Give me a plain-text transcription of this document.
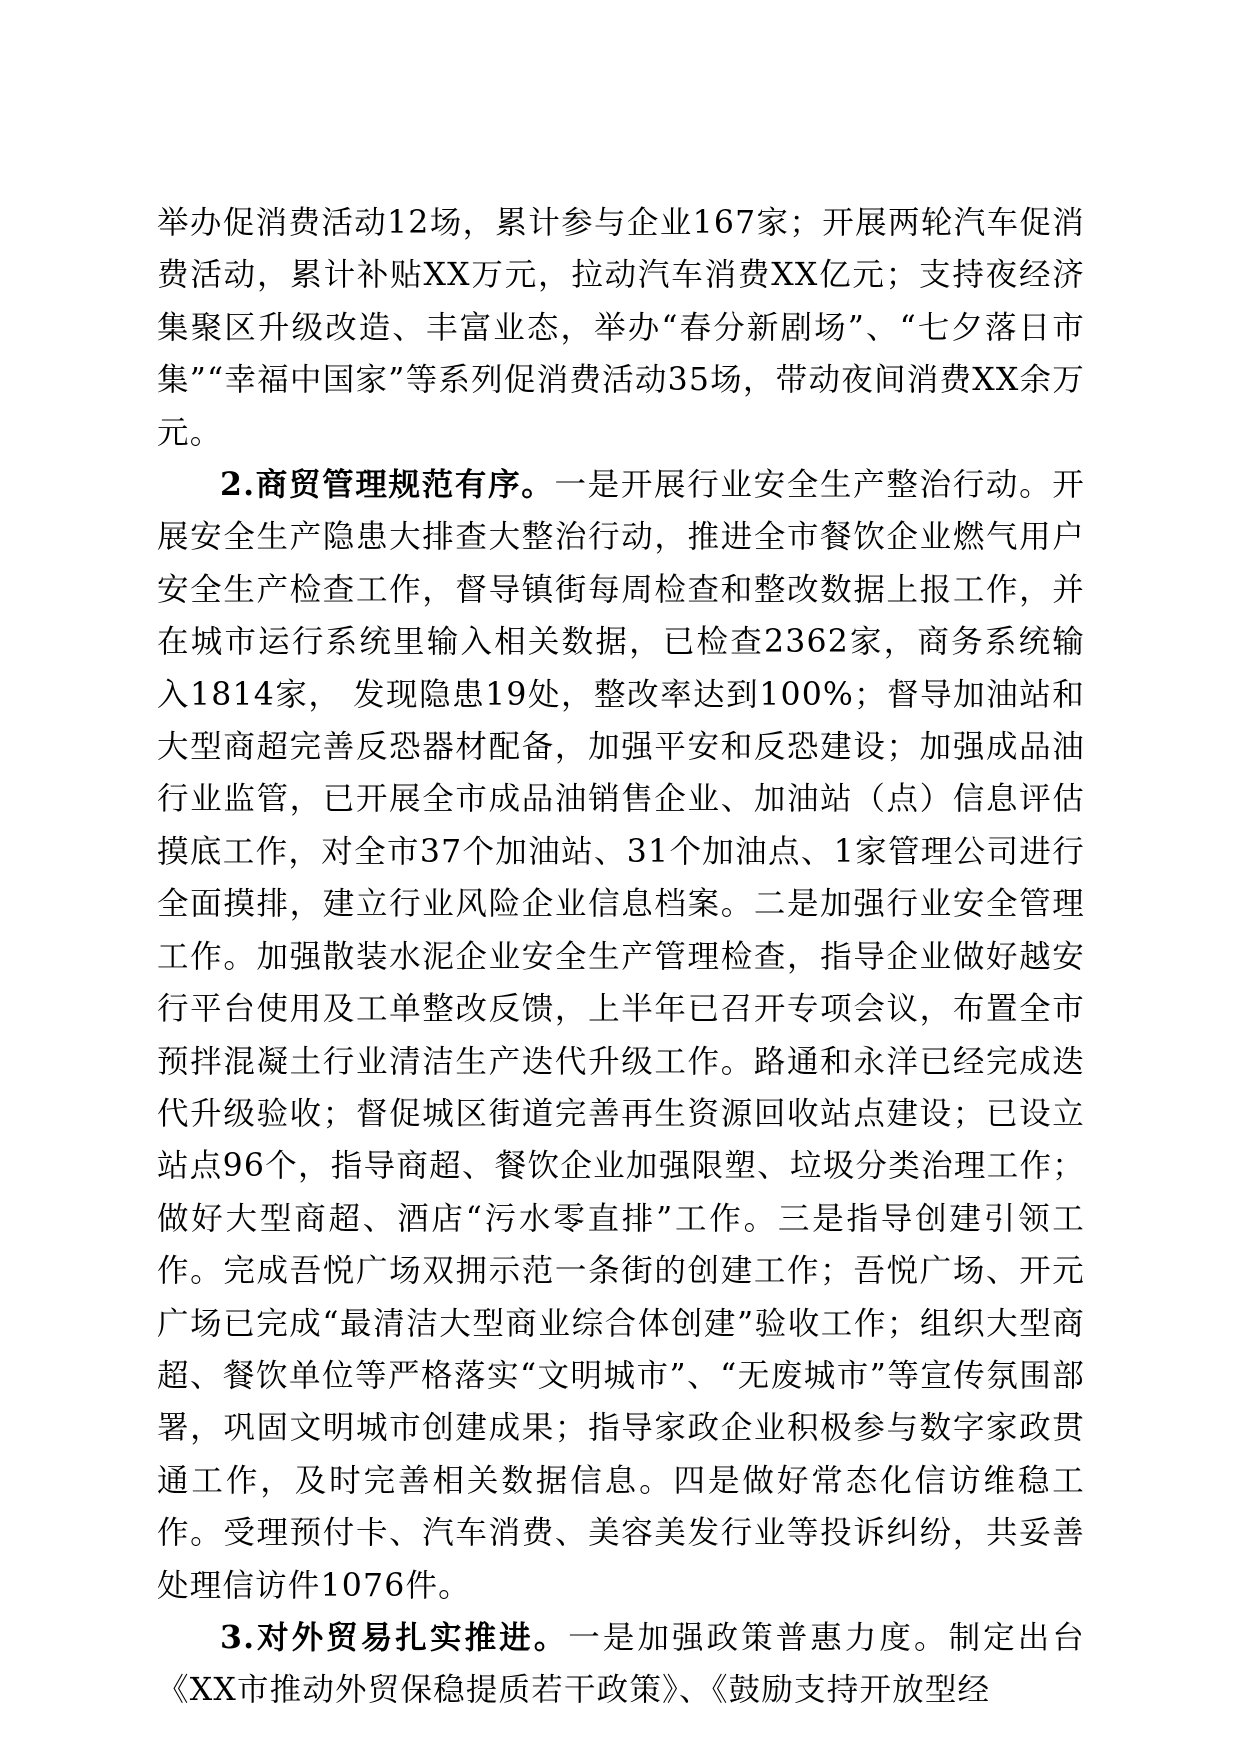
举办促消费活动12场，累计参与企业167家；开展两轮汽车促消费活动，累计补贴XX万元，拉动汽车消费XX亿元；支持夜经济集聚区升级改造、丰富业态，举办“春分新剧场”、“七夕落日市集”“幸福中国家”等系列促消费活动35场，带动夜间消费XX余万元。

2.商贸管理规范有序。一是开展行业安全生产整治行动。开展安全生产隐患大排查大整治行动，推进全市餐饮企业燃气用户安全生产检查工作，督导镇街每周检查和整改数据上报工作，并在城市运行系统里输入相关数据，已检查2362家，商务系统输入1814家， 发现隐患19处，整改率达到100%；督导加油站和大型商超完善反恐器材配备，加强平安和反恐建设；加强成品油行业监管，已开展全市成品油销售企业、加油站（点）信息评估摸底工作，对全市37个加油站、31个加油点、1家管理公司进行全面摸排，建立行业风险企业信息档案。二是加强行业安全管理工作。加强散装水泥企业安全生产管理检查，指导企业做好越安行平台使用及工单整改反馈，上半年已召开专项会议，布置全市预拌混凝土行业清洁生产迭代升级工作。路通和永洋已经完成迭代升级验收；督促城区街道完善再生资源回收站点建设；已设立站点96个，指导商超、餐饮企业加强限塑、垃圾分类治理工作；做好大型商超、酒店“污水零直排”工作。三是指导创建引领工作。完成吾悦广场双拥示范一条街的创建工作；吾悦广场、开元广场已完成“最清洁大型商业综合体创建”验收工作；组织大型商超、餐饮单位等严格落实“文明城市”、“无废城市”等宣传氛围部署，巩固文明城市创建成果；指导家政企业积极参与数字家政贯通工作，及时完善相关数据信息。四是做好常态化信访维稳工作。受理预付卡、汽车消费、美容美发行业等投诉纠纷，共妥善处理信访件1076件。

3.对外贸易扎实推进。一是加强政策普惠力度。制定出台《XX市推动外贸保稳提质若干政策》、《鼓励支持开放型经
